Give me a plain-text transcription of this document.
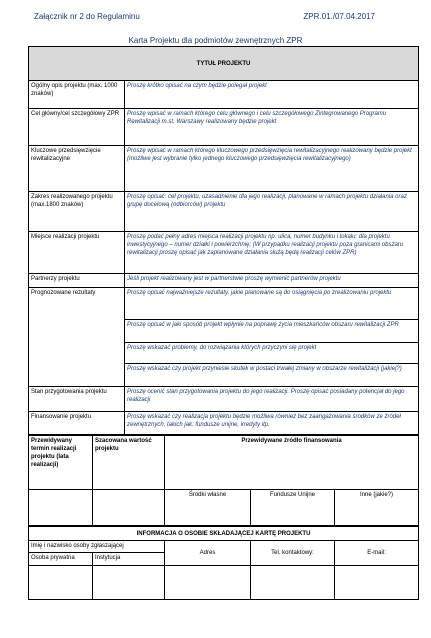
Załącznik nr 2 do Regulaminu	ZPR.01./07.04.2017
Karta Projektu dla podmiotów zewnętrznych ZPR
TYTUŁ PROJEKTU	
Ogólny opis projektu (max. 1000 znaków)	Proszę krótko opisać na czym będzie polegał projekt
Cel główny/cel szczegółowy ZPR	Proszę wpisać w ramach którego celu głównego i celu szczegółowego Zintegrowanego Programu Rewitalizacji m.st. Warszawy realizowany będzie projekt
Kluczowe przedsięwzięcie rewitalizacyjne	Proszę wpisać w ramach którego kluczowego przedsięwzięcia rewitalizacyjnego realizowany będzie projekt (możliwe jest wybranie tylko jednego kluczowego przedsięwzięcia rewitalizacyjnego)
Zakres realizowanego projektu (max.1800 znaków)	Proszę opisać: cel projektu, uzasadnienie dla jego realizacji, planowane w ramach projektu działania oraz grupę docelową (odbiorców) projektu
Miejsce realizacji projektu	Proszę podać pełny adres miejsca realizacji projektu np. ulica, numer budynku i lokalu; dla projektu inwestycyjnego – numer działki i powierzchnię; (W przypadku realizacji projektu poza granicami obszaru rewitalizacji proszę opisać jak zaplanowane działania służą będą realizacji celów ZPR)
Partnerzy projektu	Jeśli projekt realizowany jest w partnerstwie proszę wymienić partnerów projektu
Prognozowane rezultaty	Proszę opisać najważniejsze rezultaty, jakie planowane są do osiągnięcia po zrealizowaniu projektu
	Proszę opisać w jaki sposób projekt wpłynie na poprawę życia mieszkańców obszaru rewitalizacji ZPR
	Proszę wskazać problemy, do rozwiązania których przyczyni się projekt
	Proszę wskazać czy projekt przyniesie skutek w postaci trwałej zmiany w obszarze rewitalizacji (jakiej?)
Stan przygotowania projektu	Proszę ocenić stan przygotowania projektu do jego realizacji. Proszę opisać posiadany potencjał do jego realizacji
Finansowanie projektu	Proszę wskazać czy realizacja projektu będzie możliwa również bez zaangażowania środków ze źródeł zewnętrznych, takich jak: fundusze unijne, kredyty itp.
Przewidywany termin realizacji projektu (lata realizacji)	Szacowana wartość projektu	Przewidywane źródło finansowania		
		Środki własne	Fundusze Unijne	Inne (jakie?)
INFORMACJA O OSOBIE SKŁADAJĄCEJ KARTĘ PROJEKTU				
Imię i nazwisko osoby zgłaszającej		Adres	Tel. kontaktowy:	E-mail:
Osoba prywatna	Instytucja			
